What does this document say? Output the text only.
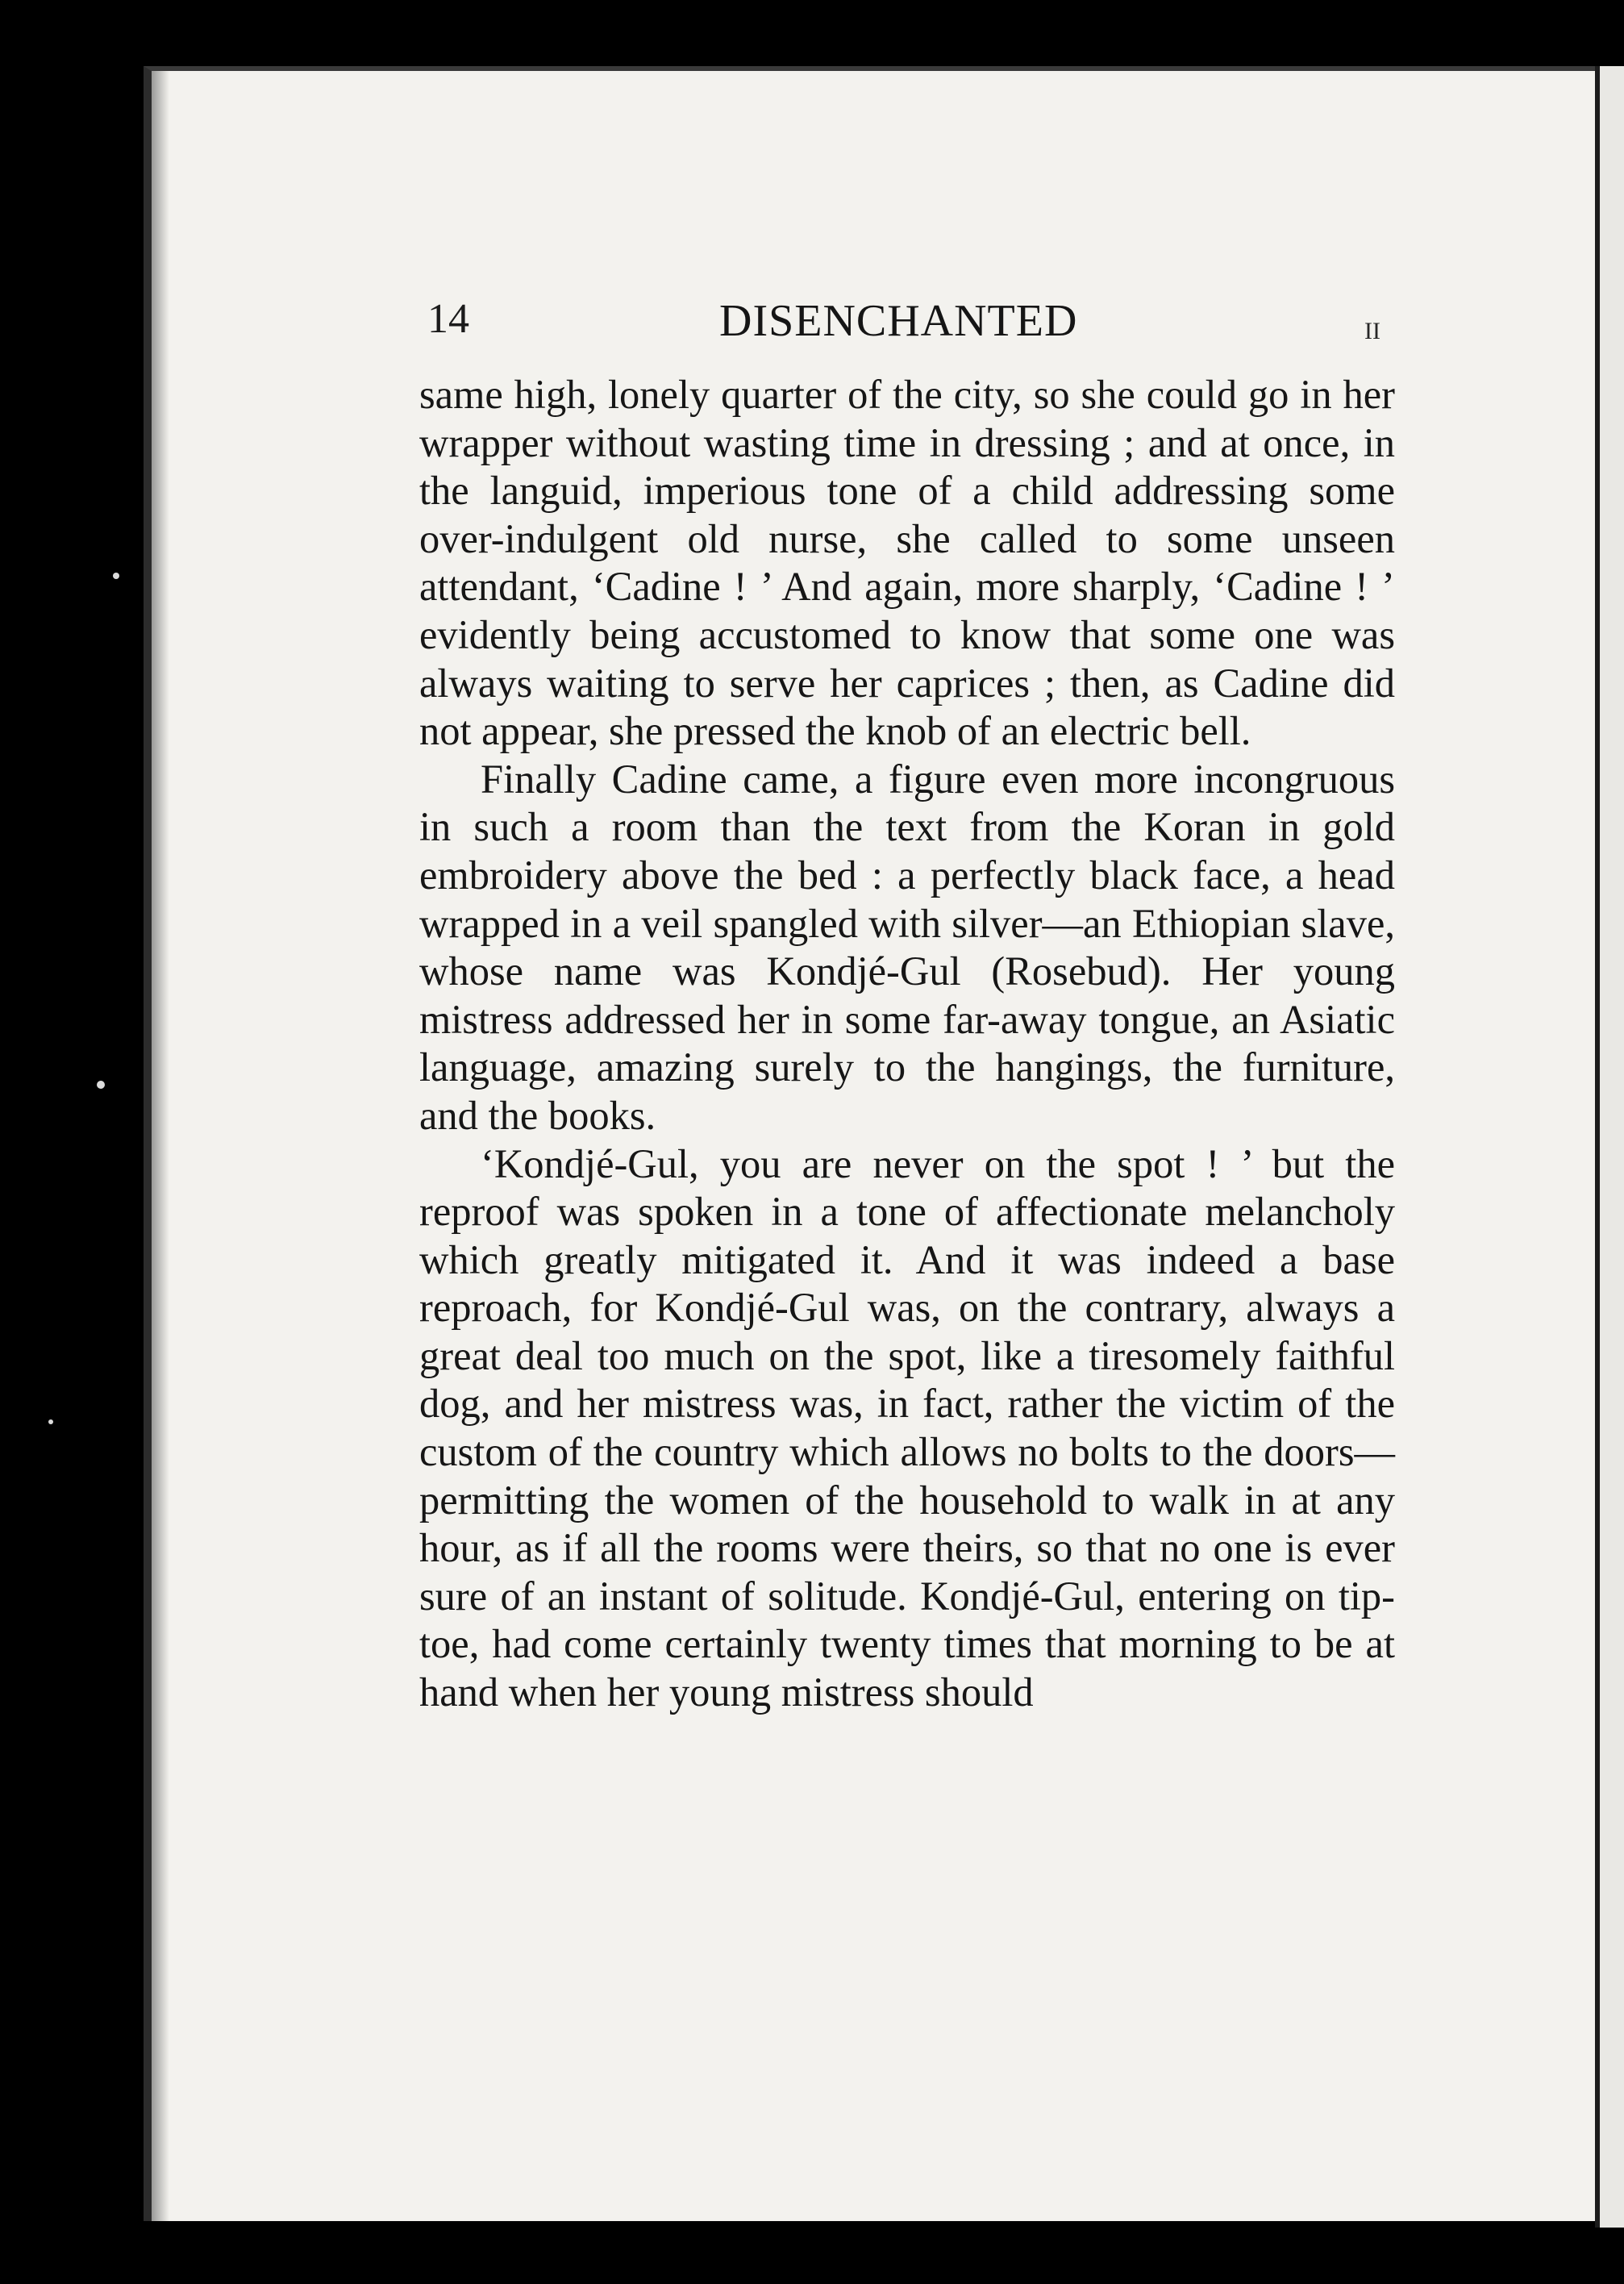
14	DISENCHANTED	II

same high, lonely quarter of the city, so she could go in her wrapper without wasting time in dressing ; and at once, in the languid, imperious tone of a child addressing some over-indulgent old nurse, she called to some unseen attendant, ‘Cadine ! ’ And again, more sharply, ‘Cadine ! ’ evidently being accustomed to know that some one was always waiting to serve her caprices ; then, as Cadine did not appear, she pressed the knob of an electric bell.

Finally Cadine came, a figure even more incongruous in such a room than the text from the Koran in gold embroidery above the bed : a perfectly black face, a head wrapped in a veil spangled with silver—an Ethiopian slave, whose name was Kondjé-Gul (Rosebud). Her young mistress addressed her in some far-away tongue, an Asiatic language, amazing surely to the hangings, the furniture, and the books.

‘Kondjé-Gul, you are never on the spot ! ’ but the reproof was spoken in a tone of affectionate melancholy which greatly mitigated it. And it was indeed a base reproach, for Kondjé-Gul was, on the contrary, always a great deal too much on the spot, like a tiresomely faithful dog, and her mistress was, in fact, rather the victim of the custom of the country which allows no bolts to the doors—permitting the women of the household to walk in at any hour, as if all the rooms were theirs, so that no one is ever sure of an instant of solitude. Kondjé-Gul, entering on tip-toe, had come certainly twenty times that morning to be at hand when her young mistress should
